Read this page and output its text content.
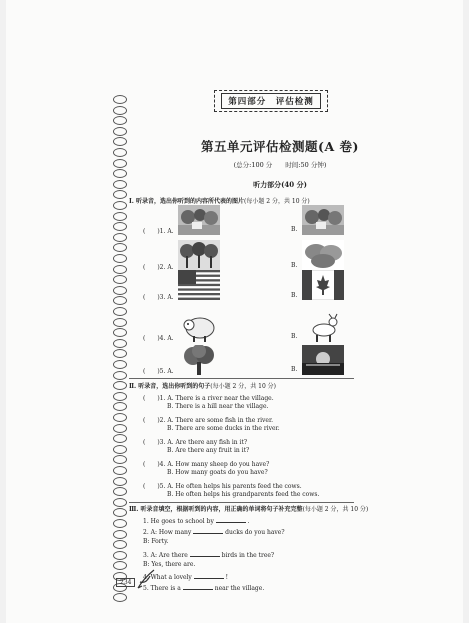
第四部分　评估检测
第五单元评估检测题(A 卷)
(总分:100 分　　时间:50 分钟)
听力部分(40 分)
Ⅰ. 听录音，选出你听到的内容所代表的图片(每小题 2 分，共 10 分)
(　　)1. A.	B.
(　　)2. A.	B.
(　　)3. A.	B.
(　　)4. A.	B.
(　　)5. A.	B.
Ⅱ. 听录音，选出你听到的句子(每小题 2 分，共 10 分)
(　　)1. A. There is a river near the village.
B. There is a hill near the village.
(　　)2. A. There are some fish in the river.
B. There are some ducks in the river.
(　　)3. A. Are there any fish in it?
B. Are there any fruit in it?
(　　)4. A. How many sheep do you have?
B. How many goats do you have?
(　　)5. A. He often helps his parents feed the cows.
B. He often helps his grandparents feed the cows.
Ⅲ. 听录音填空，根据听到的内容，用正确的单词将句子补充完整(每小题 2 分，共 10 分)
1. He goes to school by	.
2. A: How many	ducks do you have?
B: Forty.
3. A: Are there	birds in the tree?
B: Yes, there are.
4. What a lovely	!
5. There is a	near the village.
234
